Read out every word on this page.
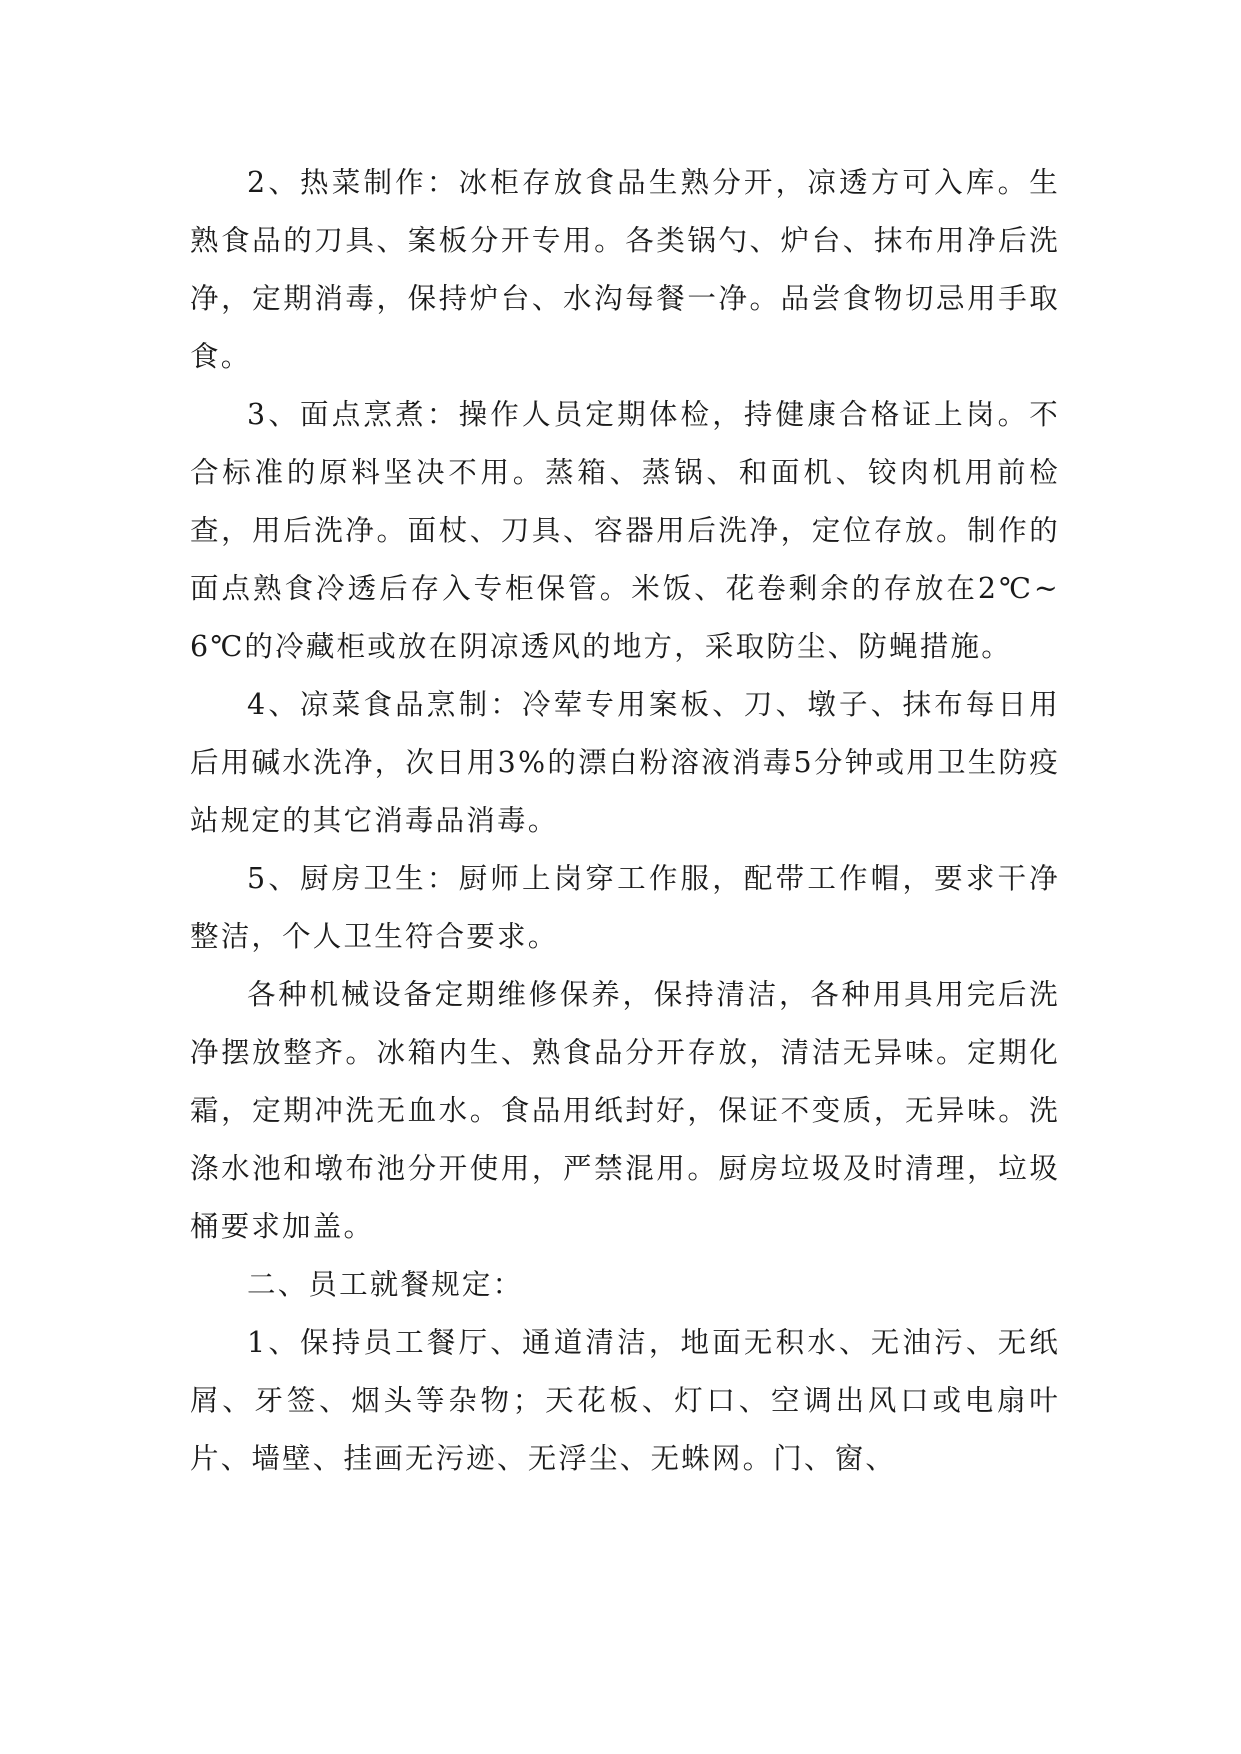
2、热菜制作：冰柜存放食品生熟分开，凉透方可入库。生熟食品的刀具、案板分开专用。各类锅勺、炉台、抹布用净后洗净，定期消毒，保持炉台、水沟每餐一净。品尝食物切忌用手取食。

3、面点烹煮：操作人员定期体检，持健康合格证上岗。不合标准的原料坚决不用。蒸箱、蒸锅、和面机、铰肉机用前检查，用后洗净。面杖、刀具、容器用后洗净，定位存放。制作的面点熟食冷透后存入专柜保管。米饭、花卷剩余的存放在2℃~6℃的冷藏柜或放在阴凉透风的地方，采取防尘、防蝇措施。

4、凉菜食品烹制：冷荤专用案板、刀、墩子、抹布每日用后用碱水洗净，次日用3%的漂白粉溶液消毒5分钟或用卫生防疫站规定的其它消毒品消毒。

5、厨房卫生：厨师上岗穿工作服，配带工作帽，要求干净整洁，个人卫生符合要求。

各种机械设备定期维修保养，保持清洁，各种用具用完后洗净摆放整齐。冰箱内生、熟食品分开存放，清洁无异味。定期化霜，定期冲洗无血水。食品用纸封好，保证不变质，无异味。洗涤水池和墩布池分开使用，严禁混用。厨房垃圾及时清理，垃圾桶要求加盖。

二、员工就餐规定：

1、保持员工餐厅、通道清洁，地面无积水、无油污、无纸屑、牙签、烟头等杂物；天花板、灯口、空调出风口或电扇叶片、墙壁、挂画无污迹、无浮尘、无蛛网。门、窗、
